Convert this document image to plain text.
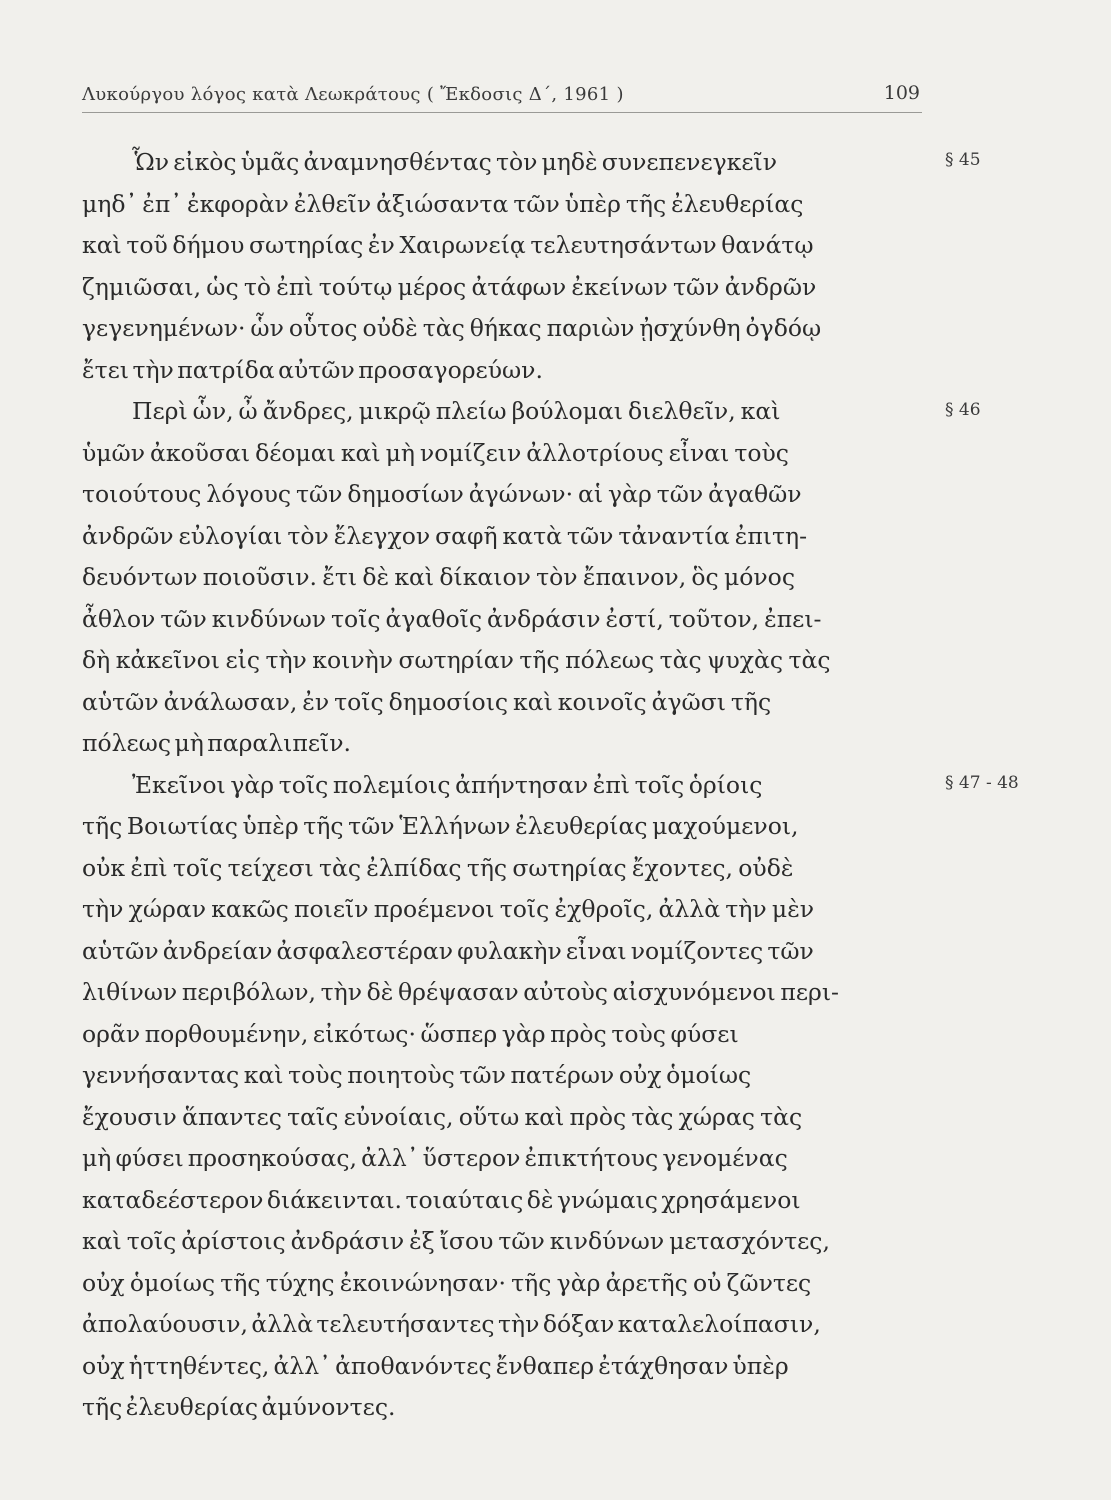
Λυκούργου λόγος κατὰ Λεωκράτους ( Ἔκδοσις Δ΄, 1961 )	109
Ὧν εἰκὸς ὑμᾶς ἀναμνησθέντας τὸν μηδὲ συνεπενεγκεῖν
μηδ᾽ ἐπ᾽ ἐκφορὰν ἐλθεῖν ἀξιώσαντα τῶν ὑπὲρ τῆς ἐλευθερίας
καὶ τοῦ δήμου σωτηρίας ἐν Χαιρωνείᾳ τελευτησάντων θανάτῳ
ζημιῶσαι, ὡς τὸ ἐπὶ τούτῳ μέρος ἀτάφων ἐκείνων τῶν ἀνδρῶν
γεγενημένων· ὧν οὗτος οὐδὲ τὰς θήκας παριὼν ᾐσχύνθη ὀγδόῳ
ἔτει τὴν πατρίδα αὐτῶν προσαγορεύων.
Περὶ ὧν, ὦ ἄνδρες, μικρῷ πλείω βούλομαι διελθεῖν, καὶ
ὑμῶν ἀκοῦσαι δέομαι καὶ μὴ νομίζειν ἀλλοτρίους εἶναι τοὺς
τοιούτους λόγους τῶν δημοσίων ἀγώνων· αἱ γὰρ τῶν ἀγαθῶν
ἀνδρῶν εὐλογίαι τὸν ἔλεγχον σαφῆ κατὰ τῶν τἀναντία ἐπιτη-
δευόντων ποιοῦσιν. ἔτι δὲ καὶ δίκαιον τὸν ἔπαινον, ὃς μόνος
ἆθλον τῶν κινδύνων τοῖς ἀγαθοῖς ἀνδράσιν ἐστί, τοῦτον, ἐπει-
δὴ κἀκεῖνοι εἰς τὴν κοινὴν σωτηρίαν τῆς πόλεως τὰς ψυχὰς τὰς
αὑτῶν ἀνάλωσαν, ἐν τοῖς δημοσίοις καὶ κοινοῖς ἀγῶσι τῆς
πόλεως μὴ παραλιπεῖν.
Ἐκεῖνοι γὰρ τοῖς πολεμίοις ἀπήντησαν ἐπὶ τοῖς ὁρίοις
τῆς Βοιωτίας ὑπὲρ τῆς τῶν Ἑλλήνων ἐλευθερίας μαχούμενοι,
οὐκ ἐπὶ τοῖς τείχεσι τὰς ἐλπίδας τῆς σωτηρίας ἔχοντες, οὐδὲ
τὴν χώραν κακῶς ποιεῖν προέμενοι τοῖς ἐχθροῖς, ἀλλὰ τὴν μὲν
αὑτῶν ἀνδρείαν ἀσφαλεστέραν φυλακὴν εἶναι νομίζοντες τῶν
λιθίνων περιβόλων, τὴν δὲ θρέψασαν αὐτοὺς αἰσχυνόμενοι περι-
ορᾶν πορθουμένην, εἰκότως· ὥσπερ γὰρ πρὸς τοὺς φύσει
γεννήσαντας καὶ τοὺς ποιητοὺς τῶν πατέρων οὐχ ὁμοίως
ἔχουσιν ἅπαντες ταῖς εὐνοίαις, οὕτω καὶ πρὸς τὰς χώρας τὰς
μὴ φύσει προσηκούσας, ἀλλ᾽ ὕστερον ἐπικτήτους γενομένας
καταδεέστερον διάκεινται. τοιαύταις δὲ γνώμαις χρησάμενοι
καὶ τοῖς ἀρίστοις ἀνδράσιν ἐξ ἴσου τῶν κινδύνων μετασχόντες,
οὐχ ὁμοίως τῆς τύχης ἐκοινώνησαν· τῆς γὰρ ἀρετῆς οὐ ζῶντες
ἀπολαύουσιν, ἀλλὰ τελευτήσαντες τὴν δόξαν καταλελοίπασιν,
οὐχ ἡττηθέντες, ἀλλ᾽ ἀποθανόντες ἔνθαπερ ἐτάχθησαν ὑπὲρ
τῆς ἐλευθερίας ἀμύνοντες.
§ 45
§ 46
§ 47 - 48
